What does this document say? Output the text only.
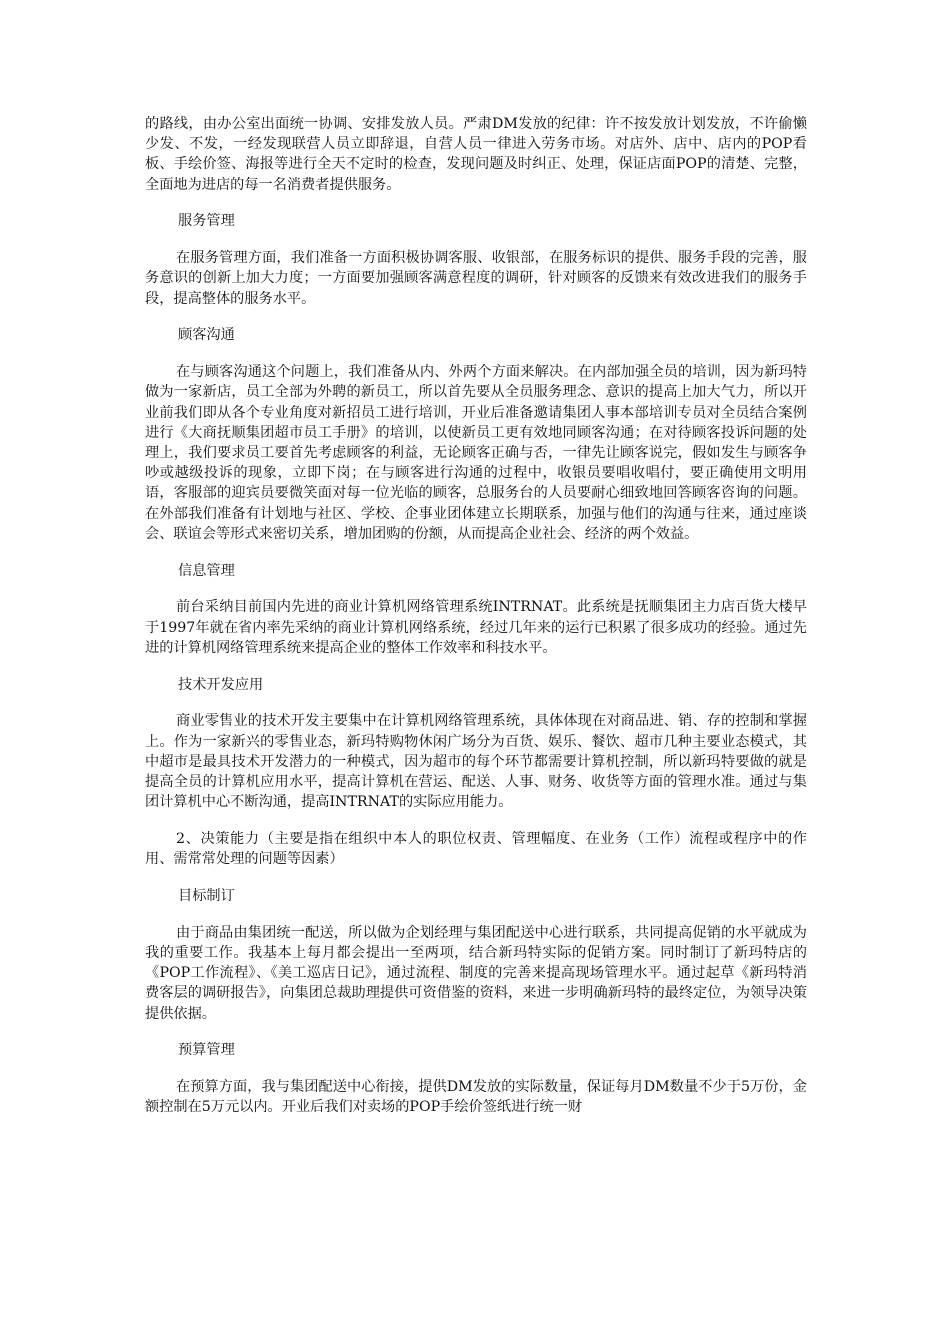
的路线，由办公室出面统一协调、安排发放人员。严肃DM发放的纪律：许不按发放计划发放，不许偷懒少发、不发，一经发现联营人员立即辞退，自营人员一律进入劳务市场。对店外、店中、店内的POP看板、手绘价签、海报等进行全天不定时的检查，发现问题及时纠正、处理，保证店面POP的清楚、完整，全面地为进店的每一名消费者提供服务。

服务管理

在服务管理方面，我们准备一方面积极协调客服、收银部，在服务标识的提供、服务手段的完善，服务意识的创新上加大力度；一方面要加强顾客满意程度的调研，针对顾客的反馈来有效改进我们的服务手段，提高整体的服务水平。

顾客沟通

在与顾客沟通这个问题上，我们准备从内、外两个方面来解决。在内部加强全员的培训，因为新玛特做为一家新店，员工全部为外聘的新员工，所以首先要从全员服务理念、意识的提高上加大气力，所以开业前我们即从各个专业角度对新招员工进行培训，开业后准备邀请集团人事本部培训专员对全员结合案例进行《大商抚顺集团超市员工手册》的培训，以使新员工更有效地同顾客沟通；在对待顾客投诉问题的处理上，我们要求员工要首先考虑顾客的利益，无论顾客正确与否，一律先让顾客说完，假如发生与顾客争吵或越级投诉的现象，立即下岗；在与顾客进行沟通的过程中，收银员要唱收唱付，要正确使用文明用语，客服部的迎宾员要微笑面对每一位光临的顾客，总服务台的人员要耐心细致地回答顾客咨询的问题。在外部我们准备有计划地与社区、学校、企事业团体建立长期联系，加强与他们的沟通与往来，通过座谈会、联谊会等形式来密切关系，增加团购的份额，从而提高企业社会、经济的两个效益。

信息管理

前台采纳目前国内先进的商业计算机网络管理系统INTRNAT。此系统是抚顺集团主力店百货大楼早于1997年就在省内率先采纳的商业计算机网络系统，经过几年来的运行已积累了很多成功的经验。通过先进的计算机网络管理系统来提高企业的整体工作效率和科技水平。

技术开发应用

商业零售业的技术开发主要集中在计算机网络管理系统，具体体现在对商品进、销、存的控制和掌握上。作为一家新兴的零售业态，新玛特购物休闲广场分为百货、娱乐、餐饮、超市几种主要业态模式，其中超市是最具技术开发潜力的一种模式，因为超市的每个环节都需要计算机控制，所以新玛特要做的就是提高全员的计算机应用水平，提高计算机在营运、配送、人事、财务、收货等方面的管理水准。通过与集团计算机中心不断沟通，提高INTRNAT的实际应用能力。

2、决策能力（主要是指在组织中本人的职位权责、管理幅度、在业务（工作）流程或程序中的作用、需常常处理的问题等因素）

目标制订

由于商品由集团统一配送，所以做为企划经理与集团配送中心进行联系，共同提高促销的水平就成为我的重要工作。我基本上每月都会提出一至两项，结合新玛特实际的促销方案。同时制订了新玛特店的《POP工作流程》、《美工巡店日记》，通过流程、制度的完善来提高现场管理水平。通过起草《新玛特消费客层的调研报告》，向集团总裁助理提供可资借鉴的资料，来进一步明确新玛特的最终定位，为领导决策提供依据。

预算管理

在预算方面，我与集团配送中心衔接，提供DM发放的实际数量，保证每月DM数量不少于5万份，金额控制在5万元以内。开业后我们对卖场的POP手绘价签纸进行统一财
